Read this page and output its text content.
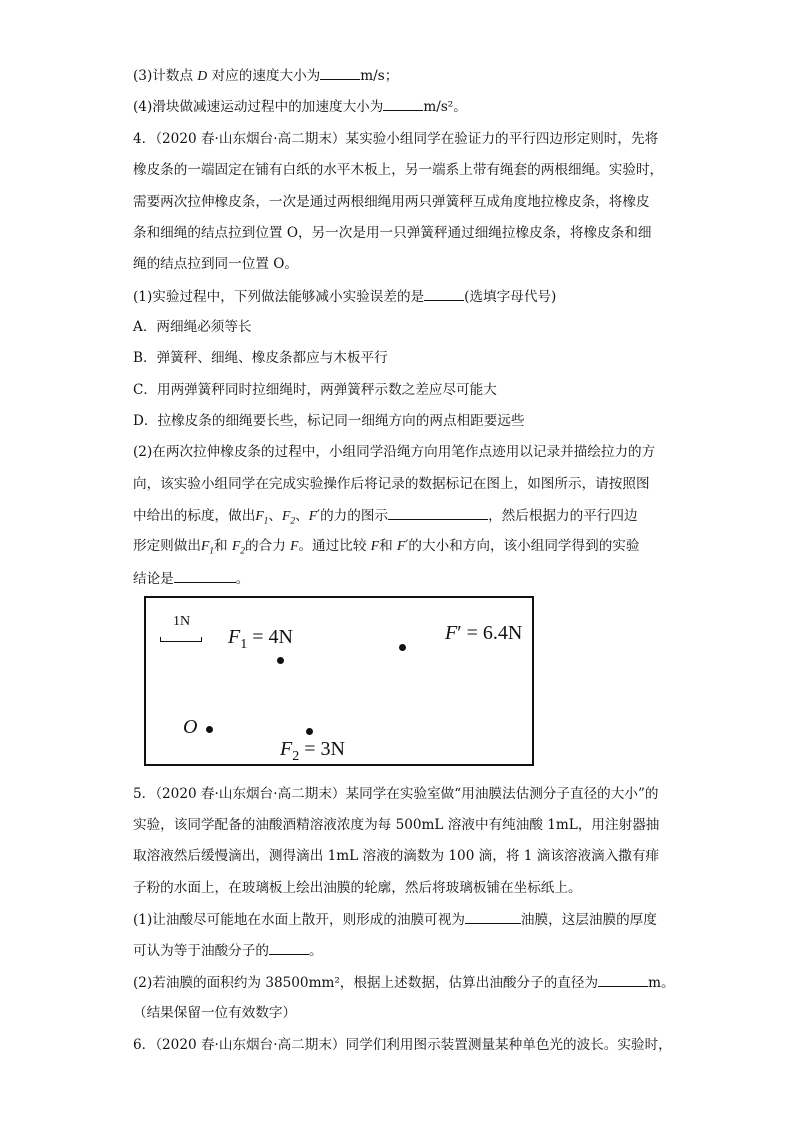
(3)计数点 D 对应的速度大小为	m/s；
(4)滑块做减速运动过程中的加速度大小为	m/s²。
4．（2020 春·山东烟台·高二期末）某实验小组同学在验证力的平行四边形定则时，先将
橡皮条的一端固定在铺有白纸的水平木板上，另一端系上带有绳套的两根细绳。实验时，
需要两次拉伸橡皮条，一次是通过两根细绳用两只弹簧秤互成角度地拉橡皮条，将橡皮
条和细绳的结点拉到位置 O，另一次是用一只弹簧秤通过细绳拉橡皮条，将橡皮条和细
绳的结点拉到同一位置 O。
(1)实验过程中，下列做法能够减小实验误差的是	(选填字母代号)
A．两细绳必须等长
B．弹簧秤、细绳、橡皮条都应与木板平行
C．用两弹簧秤同时拉细绳时，两弹簧秤示数之差应尽可能大
D．拉橡皮条的细绳要长些，标记同一细绳方向的两点相距要远些
(2)在两次拉伸橡皮条的过程中，小组同学沿绳方向用笔作点迹用以记录并描绘拉力的方
向，该实验小组同学在完成实验操作后将记录的数据标记在图上，如图所示，请按照图
中给出的标度，做出$F_1$、$F_2$、F′的力的图示	，然后根据力的平行四边
形定则做出$F_1$和 $F_2$的合力 F。通过比较 F和 F′的大小和方向，该小组同学得到的实验
结论是	。
1N
$F_1 = 4N$	F′ = 6.4N
O
$F_2 = 3N$
5．（2020 春·山东烟台·高二期末）某同学在实验室做“用油膜法估测分子直径的大小”的
实验，该同学配备的油酸酒精溶液浓度为每 500mL 溶液中有纯油酸 1mL，用注射器抽
取溶液然后缓慢滴出，测得滴出 1mL 溶液的滴数为 100 滴，将 1 滴该溶液滴入撒有痱
子粉的水面上，在玻璃板上绘出油膜的轮廓，然后将玻璃板铺在坐标纸上。
(1)让油酸尽可能地在水面上散开，则形成的油膜可视为	油膜，这层油膜的厚度
可认为等于油酸分子的	。
(2)若油膜的面积约为 38500mm²，根据上述数据，估算出油酸分子的直径为	m。
（结果保留一位有效数字）
6．（2020 春·山东烟台·高二期末）同学们利用图示装置测量某种单色光的波长。实验时，
